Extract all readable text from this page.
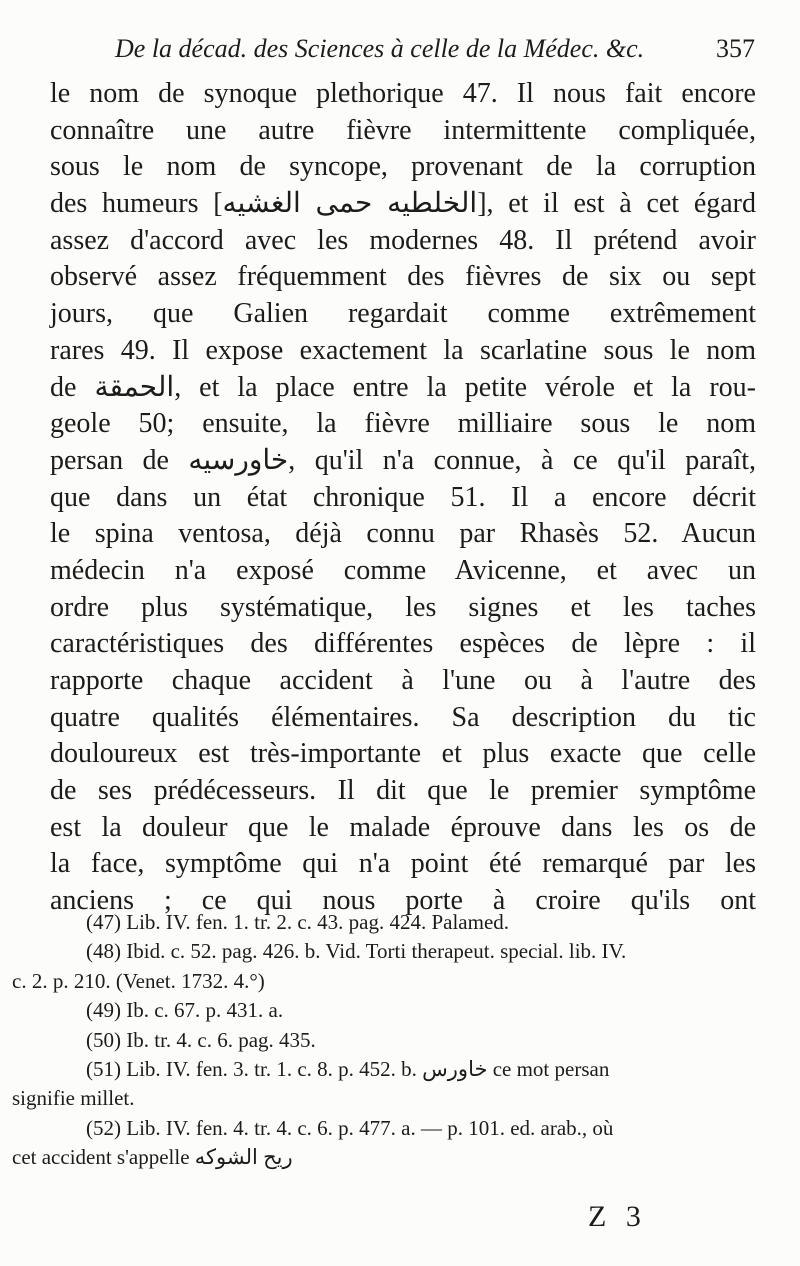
De la décad. des Sciences à celle de la Médec. &c.	357
le nom de synoque plethorique 47. Il nous fait encore
connaître une autre fièvre intermittente compliquée,
sous le nom de syncope, provenant de la corruption
des humeurs [الخلطيه حمى الغشيه], et il est à cet égard
assez d'accord avec les modernes 48. Il prétend avoir
observé assez fréquemment des fièvres de six ou sept
jours, que Galien regardait comme extrêmement
rares 49. Il expose exactement la scarlatine sous le nom
de الحمقة, et la place entre la petite vérole et la rou-
geole 50; ensuite, la fièvre milliaire sous le nom
persan de خاورسيه, qu'il n'a connue, à ce qu'il paraît,
que dans un état chronique 51. Il a encore décrit
le spina ventosa, déjà connu par Rhasès 52. Aucun
médecin n'a exposé comme Avicenne, et avec un
ordre plus systématique, les signes et les taches
caractéristiques des différentes espèces de lèpre : il
rapporte chaque accident à l'une ou à l'autre des
quatre qualités élémentaires. Sa description du tic
douloureux est très-importante et plus exacte que celle
de ses prédécesseurs. Il dit que le premier symptôme
est la douleur que le malade éprouve dans les os de
la face, symptôme qui n'a point été remarqué par les
anciens ; ce qui nous porte à croire qu'ils ont
(47) Lib. IV. fen. 1. tr. 2. c. 43. pag. 424. Palamed.
(48) Ibid. c. 52. pag. 426. b. Vid. Torti therapeut. special. lib. IV.
c. 2. p. 210. (Venet. 1732. 4.°)
(49) Ib. c. 67. p. 431. a.
(50) Ib. tr. 4. c. 6. pag. 435.
(51) Lib. IV. fen. 3. tr. 1. c. 8. p. 452. b. خاورس ce mot persan
signifie millet.
(52) Lib. IV. fen. 4. tr. 4. c. 6. p. 477. a. — p. 101. ed. arab., où
cet accident s'appelle ريح الشوكه
Z 3
